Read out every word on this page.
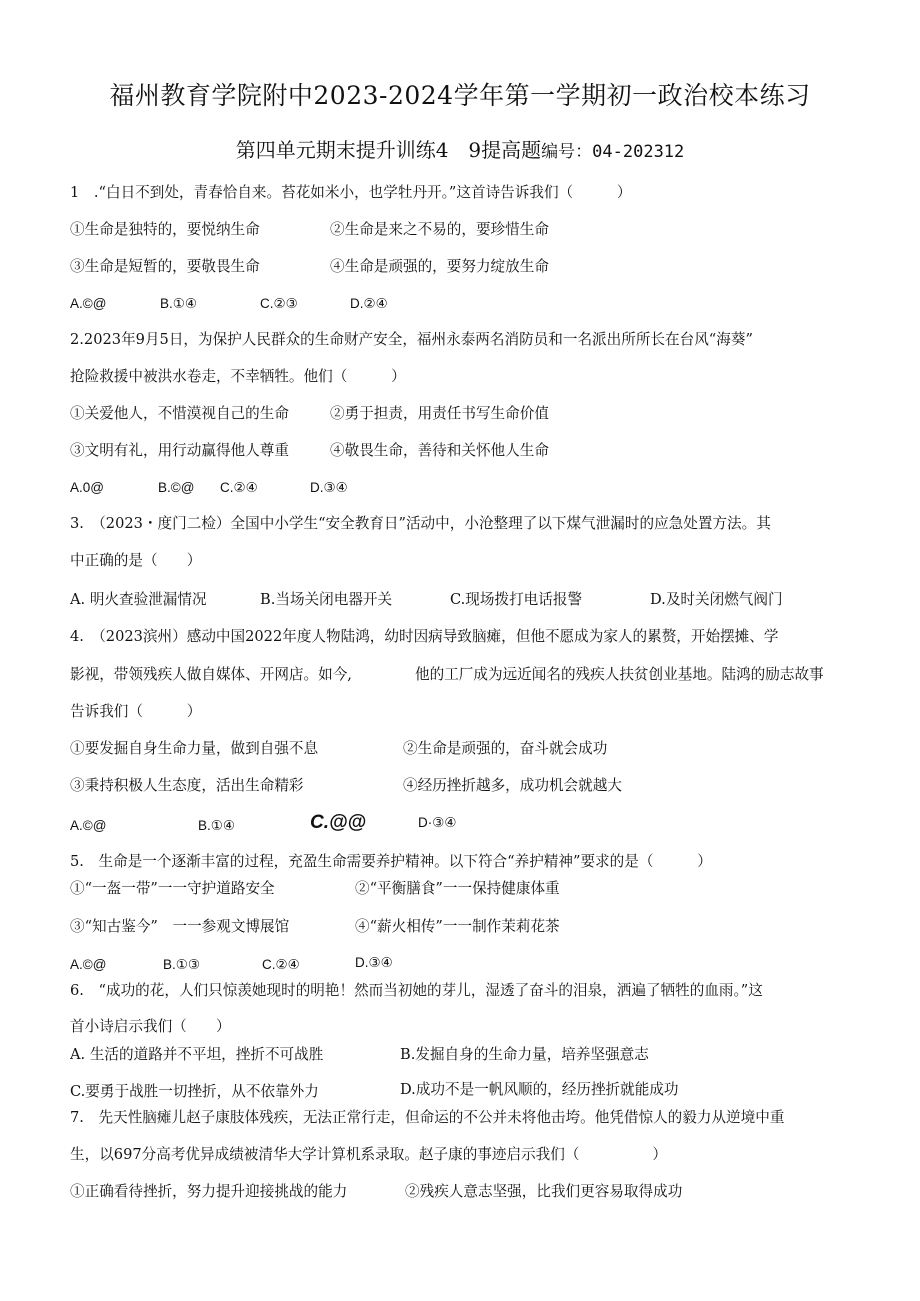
福州教育学院附中2023-2024学年第一学期初一政治校本练习
第四单元期末提升训练4　9提高题编号：04-202312
1　.“白日不到处，青春恰自来。苔花如米小，也学牡丹开。”这首诗告诉我们（　　　）
①生命是独特的，要悦纳生命	②生命是来之不易的，要珍惜生命
③生命是短暂的，要敬畏生命	④生命是顽强的，要努力绽放生命
A.©@	B.①④	C.②③	D.②④
2.2023年9月5日，为保护人民群众的生命财产安全，福州永泰两名消防员和一名派出所所长在台风“海葵”
抢险救援中被洪水卷走，不幸牺牲。他们（　　　）
①关爱他人，不惜漠视自己的生命	②勇于担责，用责任书写生命价值
③文明有礼，用行动赢得他人尊重	④敬畏生命，善待和关怀他人生命
A.0@	B.©@ C.②④	D.③④
3.　（2023・度门二检）全国中小学生“安全教育日”活动中，小沧整理了以下煤气泄漏时的应急处置方法。其
中正确的是（　　）
A. 明火查验泄漏情况	B.当场关闭电器开关	C.现场拨打电话报警	D.及时关闭燃气阀门
4.　（2023滨州）感动中国2022年度人物陆鸿，幼时因病导致脑瘫，但他不愿成为家人的累赘，开始摆摊、学
影视，带领残疾人做自媒体、开网店。如今,	他的工厂成为远近闻名的残疾人扶贫创业基地。陆鸿的励志故事
告诉我们（　　　）
①要发掘自身生命力量，做到自强不息	②生命是顽强的，奋斗就会成功
③秉持积极人生态度，活出生命精彩	④经历挫折越多，成功机会就越大
A.©@	B.①④	C.@@	D·③④
5.　生命是一个逐渐丰富的过程，充盈生命需要养护精神。以下符合“养护精神”要求的是（　　　）
①“一盔一带”一一守护道路安全	②“平衡膳食”一一保持健康体重
③“知古鉴今”　一一参观文博展馆	④“薪火相传”一一制作茉莉花茶
A.©@	B.①③	C.②④	D.③④
6.　“成功的花，人们只惊羡她现时的明艳！然而当初她的芽儿，湿透了奋斗的泪泉，洒遍了牺牲的血雨。”这
首小诗启示我们（　　）
A. 生活的道路并不平坦，挫折不可战胜	B.发掘自身的生命力量，培养坚强意志
C.要勇于战胜一切挫折，从不依靠外力	D.成功不是一帆风顺的，经历挫折就能成功
7.　先天性脑瘫儿赵子康肢体残疾，无法正常行走，但命运的不公并未将他击垮。他凭借惊人的毅力从逆境中重
生，以697分高考优异成绩被清华大学计算机系录取。赵子康的事迹启示我们（　　　　　）
①正确看待挫折，努力提升迎接挑战的能力	②残疾人意志坚强，比我们更容易取得成功
